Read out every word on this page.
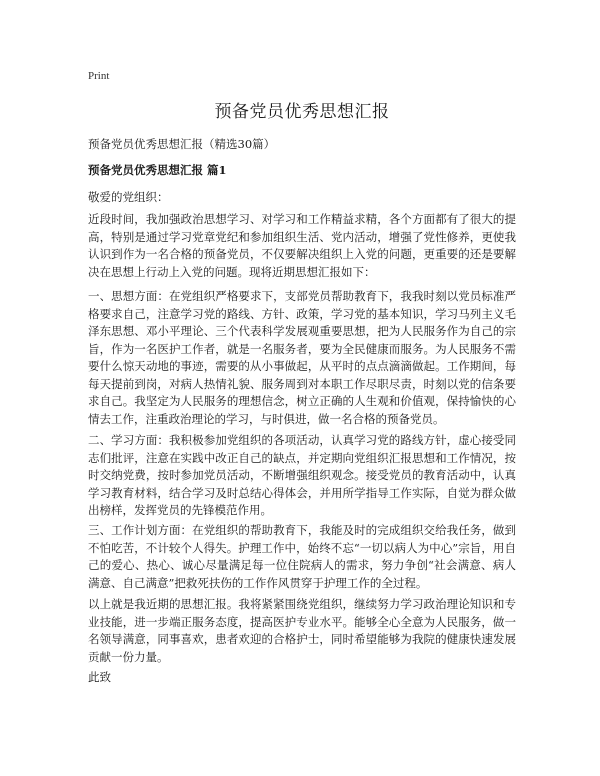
Print
预备党员优秀思想汇报

预备党员优秀思想汇报（精选30篇）

预备党员优秀思想汇报 篇1

敬爱的党组织：

近段时间，我加强政治思想学习、对学习和工作精益求精，各个方面都有了很大的提高，特别是通过学习党章党纪和参加组织生活、党内活动，增强了党性修养，更使我认识到作为一名合格的预备党员，不仅要解决组织上入党的问题，更重要的还是要解决在思想上行动上入党的问题。现将近期思想汇报如下：

一、思想方面：在党组织严格要求下，支部党员帮助教育下，我我时刻以党员标准严格要求自己，注意学习党的路线、方针、政策，学习党的基本知识，学习马列主义毛泽东思想、邓小平理论、三个代表科学发展观重要思想，把为人民服务作为自己的宗旨，作为一名医护工作者，就是一名服务者，要为全民健康而服务。为人民服务不需要什么惊天动地的事迹，需要的从小事做起，从平时的点点滴滴做起。工作期间，每每天提前到岗，对病人热情礼貌、服务周到对本职工作尽职尽责，时刻以党的信条要求自己。我坚定为人民服务的理想信念，树立正确的人生观和价值观，保持愉快的心情去工作，注重政治理论的学习，与时俱进，做一名合格的预备党员。

二、学习方面：我积极参加党组织的各项活动，认真学习党的路线方针，虚心接受同志们批评，注意在实践中改正自己的缺点，并定期向党组织汇报思想和工作情况，按时交纳党费，按时参加党员活动，不断增强组织观念。接受党员的教育活动中，认真学习教育材料，结合学习及时总结心得体会，并用所学指导工作实际，自觉为群众做出榜样，发挥党员的先锋模范作用。

三、工作计划方面：在党组织的帮助教育下，我能及时的完成组织交给我任务，做到不怕吃苦，不计较个人得失。护理工作中，始终不忘“一切以病人为中心”宗旨，用自己的爱心、热心、诚心尽量满足每一位住院病人的需求，努力争创“社会满意、病人满意、自己满意”把救死扶伤的工作作风贯穿于护理工作的全过程。

以上就是我近期的思想汇报。我将紧紧围绕党组织，继续努力学习政治理论知识和专业技能，进一步端正服务态度，提高医护专业水平。能够全心全意为人民服务，做一名领导满意，同事喜欢，患者欢迎的合格护士，同时希望能够为我院的健康快速发展贡献一份力量。

此致
